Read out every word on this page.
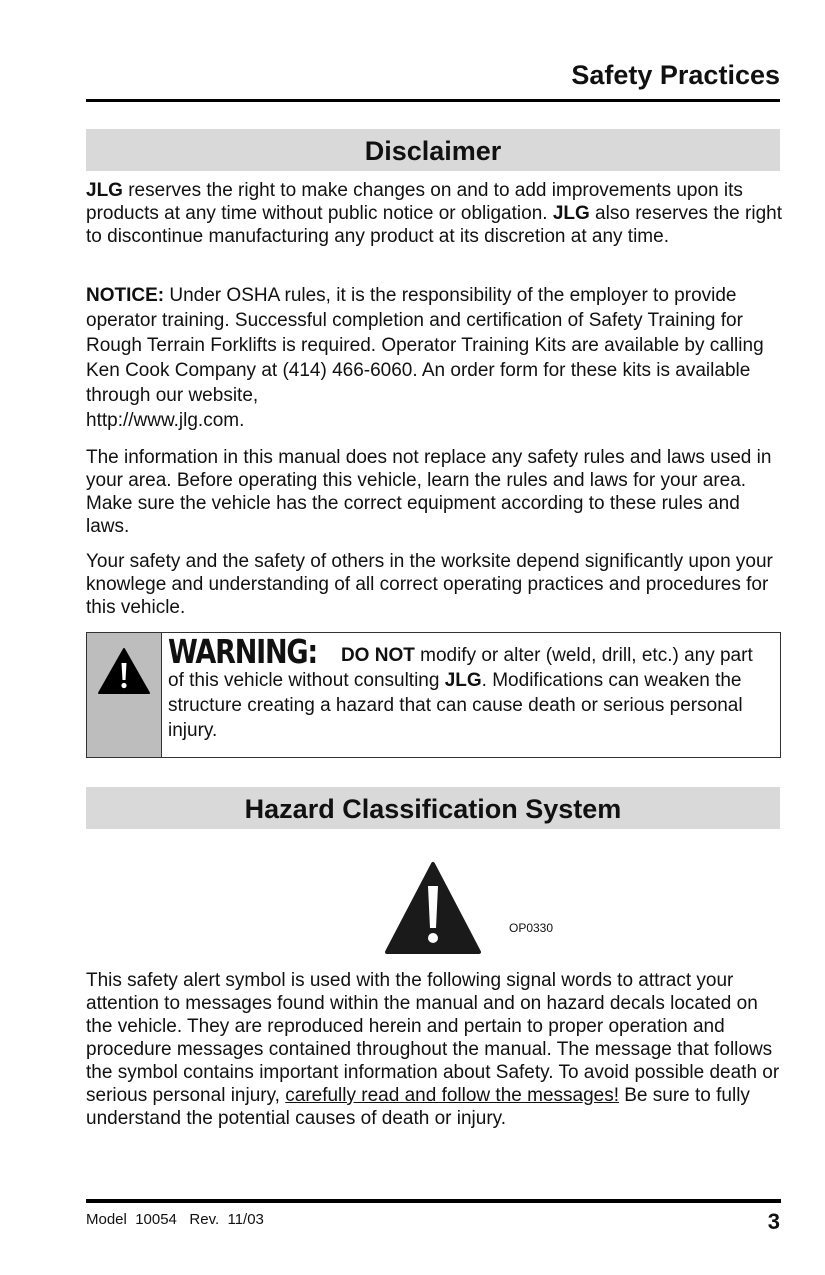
Safety Practices
Disclaimer

JLG reserves the right to make changes on and to add improvements upon its products at any time without public notice or obligation. JLG also reserves the right to discontinue manufacturing any product at its discretion at any time.

NOTICE: Under OSHA rules, it is the responsibility of the employer to provide operator training. Successful completion and certification of Safety Training for Rough Terrain Forklifts is required. Operator Training Kits are available by calling Ken Cook Company at (414) 466-6060. An order form for these kits is available through our website,
http://www.jlg.com.

The information in this manual does not replace any safety rules and laws used in your area. Before operating this vehicle, learn the rules and laws for your area. Make sure the vehicle has the correct equipment according to these rules and laws.

Your safety and the safety of others in the worksite depend significantly upon your knowlege and understanding of all correct operating practices and procedures for this vehicle.

WARNING: DO NOT modify or alter (weld, drill, etc.) any part of this vehicle without consulting JLG. Modifications can weaken the structure creating a hazard that can cause death or serious personal injury.
Hazard Classification System
OP0330

This safety alert symbol is used with the following signal words to attract your attention to messages found within the manual and on hazard decals located on the vehicle. They are reproduced herein and pertain to proper operation and procedure messages contained throughout the manual. The message that follows the symbol contains important information about Safety. To avoid possible death or serious personal injury, carefully read and follow the messages! Be sure to fully understand the potential causes of death or injury.

Model  10054   Rev.  11/03	3
